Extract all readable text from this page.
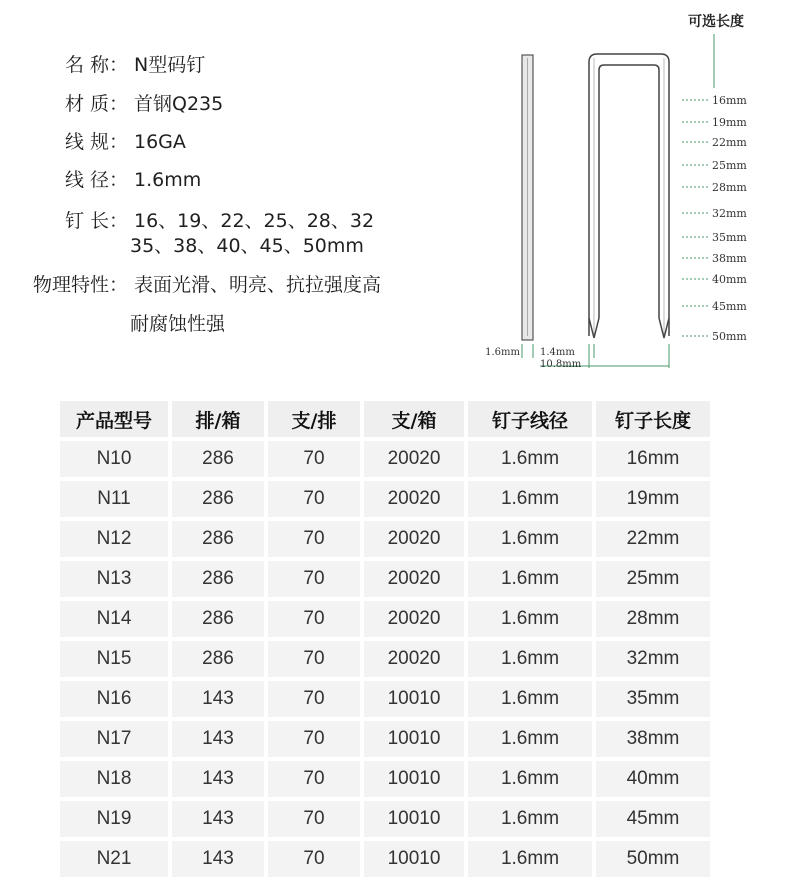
名 称： N型码钉
材 质： 首钢Q235
线 规： 16GA
线 径： 1.6mm
钉 长： 16、19、22、25、28、32
35、38、40、45、50mm
物理特性： 表面光滑、明亮、抗拉强度高
耐腐蚀性强
可选长度
16mm
19mm
22mm
25mm
28mm
32mm
35mm
38mm
40mm
45mm
50mm
1.6mm 1.4mm
10.8mm
产品型号	排/箱	支/排	支/箱	钉子线径	钉子长度
N10	286	70	20020	1.6mm	16mm
N11	286	70	20020	1.6mm	19mm
N12	286	70	20020	1.6mm	22mm
N13	286	70	20020	1.6mm	25mm
N14	286	70	20020	1.6mm	28mm
N15	286	70	20020	1.6mm	32mm
N16	143	70	10010	1.6mm	35mm
N17	143	70	10010	1.6mm	38mm
N18	143	70	10010	1.6mm	40mm
N19	143	70	10010	1.6mm	45mm
N21	143	70	10010	1.6mm	50mm
